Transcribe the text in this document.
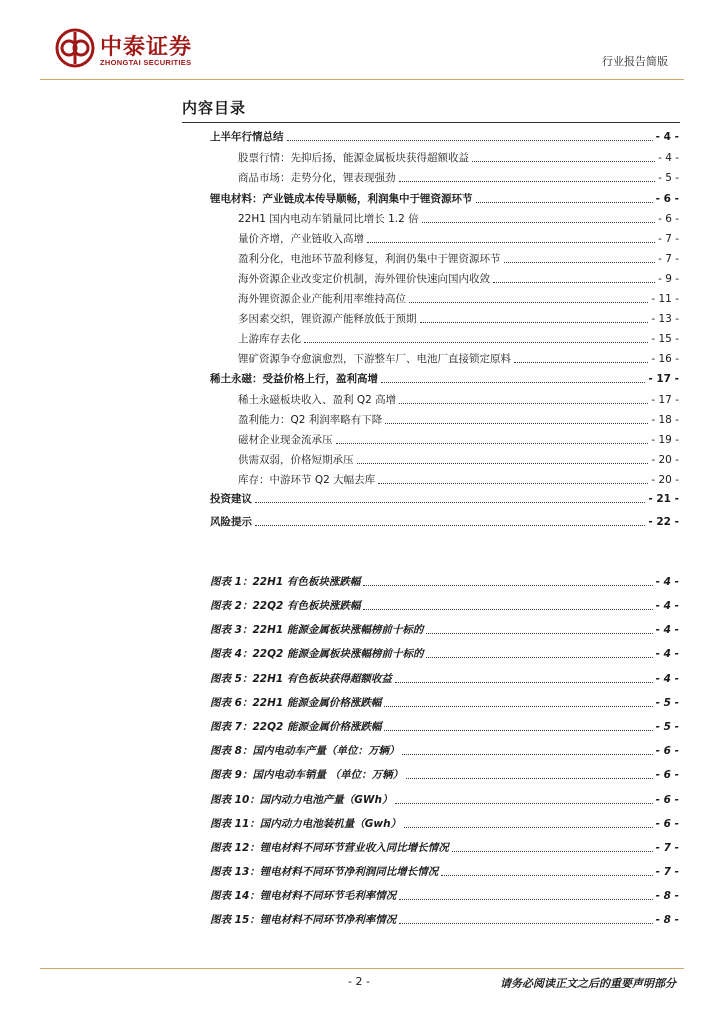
中泰证券
ZHONGTAI SECURITIES	行业报告简版
内容目录
上半年行情总结	- 4 -
股票行情：先抑后扬，能源金属板块获得超额收益	- 4 -
商品市场：走势分化，锂表现强劲	- 5 -
锂电材料：产业链成本传导顺畅，利润集中于锂资源环节	- 6 -
22H1 国内电动车销量同比增长 1.2 倍	- 6 -
量价齐增，产业链收入高增	- 7 -
盈利分化，电池环节盈利修复，利润仍集中于锂资源环节	- 7 -
海外资源企业改变定价机制，海外锂价快速向国内收敛	- 9 -
海外锂资源企业产能利用率维持高位	- 11 -
多因素交织，锂资源产能释放低于预期	- 13 -
上游库存去化	- 15 -
锂矿资源争夺愈演愈烈，下游整车厂、电池厂直接锁定原料	- 16 -
稀土永磁：受益价格上行，盈利高增	- 17 -
稀土永磁板块收入、盈利 Q2 高增	- 17 -
盈利能力：Q2 利润率略有下降	- 18 -
磁材企业现金流承压	- 19 -
供需双弱，价格短期承压	- 20 -
库存：中游环节 Q2 大幅去库	- 20 -
投资建议	- 21 -
风险提示	- 22 -
图表 1：22H1 有色板块涨跌幅	- 4 -
图表 2：22Q2 有色板块涨跌幅	- 4 -
图表 3：22H1 能源金属板块涨幅榜前十标的	- 4 -
图表 4：22Q2 能源金属板块涨幅榜前十标的	- 4 -
图表 5：22H1 有色板块获得超额收益	- 4 -
图表 6：22H1 能源金属价格涨跌幅	- 5 -
图表 7：22Q2 能源金属价格涨跌幅	- 5 -
图表 8：国内电动车产量（单位：万辆）	- 6 -
图表 9：国内电动车销量 （单位：万辆）	- 6 -
图表 10：国内动力电池产量（GWh）	- 6 -
图表 11：国内动力电池装机量（Gwh）	- 6 -
图表 12：锂电材料不同环节营业收入同比增长情况	- 7 -
图表 13：锂电材料不同环节净利润同比增长情况	- 7 -
图表 14：锂电材料不同环节毛利率情况	- 8 -
图表 15：锂电材料不同环节净利率情况	- 8 -
- 2 -	请务必阅读正文之后的重要声明部分
